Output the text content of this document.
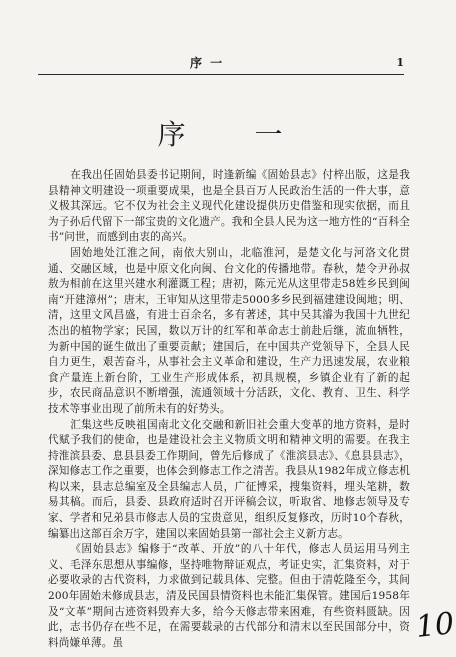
序 一	1
序 一

在我出任固始县委书记期间，时逢新编《固始县志》付梓出版，这是我县精神文明建设一项重要成果，也是全县百万人民政治生活的一件大事，意义极其深远。它不仅为社会主义现代化建设提供历史借鉴和现实依据，而且为子孙后代留下一部宝贵的文化遗产。我和全县人民为这一地方性的“百科全书”问世，而感到由衷的高兴。

固始地处江淮之间，南依大别山，北临淮河，是楚文化与河洛文化贯通、交融区域，也是中原文化向闽、台文化的传播地带。春秋，楚令尹孙叔敖为相前在这里兴建水利灌溉工程；唐初，陈元光从这里带走58姓乡民到闽南“开建漳州”；唐末，王审知从这里带走5000多乡民到福建建设闽地；明、清，这里文风昌盛，有进士百余名，多有著述，其中吴其濬为我国十九世纪杰出的植物学家；民国，数以万计的红军和革命志士前赴后继，流血牺牲，为新中国的诞生做出了重要贡献；建国后，在中国共产党领导下，全县人民自力更生，艰苦奋斗，从事社会主义革命和建设，生产力迅速发展，农业粮食产量连上新台阶，工业生产形成体系，初具规模，乡镇企业有了新的起步，农民商品意识不断增强，流通领域十分活跃，文化、教育、卫生、科学技术等事业出现了前所未有的好势头。

汇集这些反映祖国南北文化交融和新旧社会重大变革的地方资料，是时代赋予我们的使命，也是建设社会主义物质文明和精神文明的需要。在我主持淮滨县委、息县县委工作期间，曾先后修成了《淮滨县志》、《息县县志》，深知修志工作之重要，也体会到修志工作之清苦。我县从1982年成立修志机构以来，县志总编室及全县编志人员，广征博采，搜集资料，埋头笔耕，数易其稿。而后，县委、县政府适时召开评稿会议，听取省、地修志领导及专家、学者和兄弟县市修志人员的宝贵意见，组织反复修改，历时10个春秋，编纂出这部百余万字，建国以来固始县第一部社会主义新方志。

《固始县志》编修于“改革、开放”的八十年代，修志人员运用马列主义、毛泽东思想从事编修，坚持唯物辩证观点，考证史实，汇集资料，对于必要收录的古代资料，力求做到记载具体、完整。但由于清乾隆至今，其间200年固始未修成县志，清及民国县情资料也未能汇集保管。建国后1958年及“文革”期间古迹资料毁弃大多，给今天修志带来困难，有些资料匮缺。因此，志书仍存在些不足，在需要载录的古代部分和清末以至民国部分中，资料尚嫌单薄。虽	10
